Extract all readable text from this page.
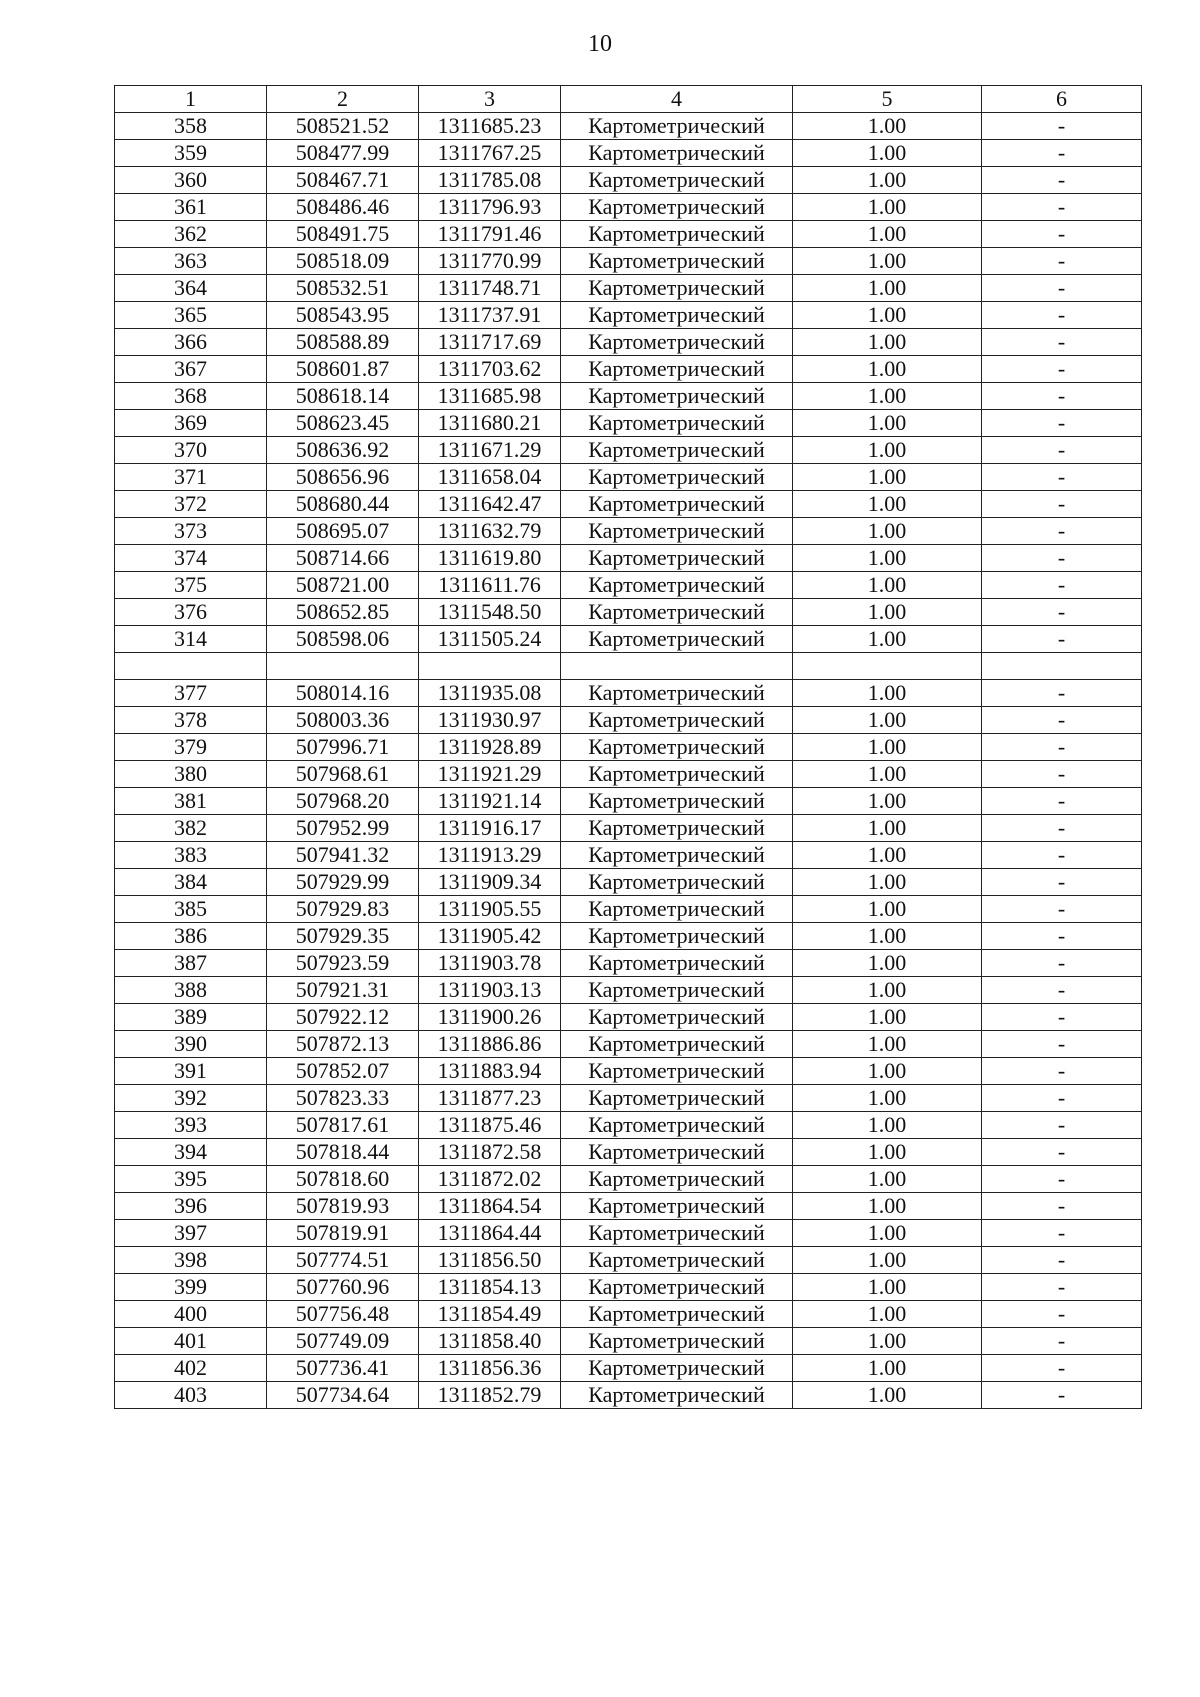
10
1	2	3	4	5	6
358	508521.52	1311685.23	Картометрический	1.00	-
359	508477.99	1311767.25	Картометрический	1.00	-
360	508467.71	1311785.08	Картометрический	1.00	-
361	508486.46	1311796.93	Картометрический	1.00	-
362	508491.75	1311791.46	Картометрический	1.00	-
363	508518.09	1311770.99	Картометрический	1.00	-
364	508532.51	1311748.71	Картометрический	1.00	-
365	508543.95	1311737.91	Картометрический	1.00	-
366	508588.89	1311717.69	Картометрический	1.00	-
367	508601.87	1311703.62	Картометрический	1.00	-
368	508618.14	1311685.98	Картометрический	1.00	-
369	508623.45	1311680.21	Картометрический	1.00	-
370	508636.92	1311671.29	Картометрический	1.00	-
371	508656.96	1311658.04	Картометрический	1.00	-
372	508680.44	1311642.47	Картометрический	1.00	-
373	508695.07	1311632.79	Картометрический	1.00	-
374	508714.66	1311619.80	Картометрический	1.00	-
375	508721.00	1311611.76	Картометрический	1.00	-
376	508652.85	1311548.50	Картометрический	1.00	-
314	508598.06	1311505.24	Картометрический	1.00	-

377	508014.16	1311935.08	Картометрический	1.00	-
378	508003.36	1311930.97	Картометрический	1.00	-
379	507996.71	1311928.89	Картометрический	1.00	-
380	507968.61	1311921.29	Картометрический	1.00	-
381	507968.20	1311921.14	Картометрический	1.00	-
382	507952.99	1311916.17	Картометрический	1.00	-
383	507941.32	1311913.29	Картометрический	1.00	-
384	507929.99	1311909.34	Картометрический	1.00	-
385	507929.83	1311905.55	Картометрический	1.00	-
386	507929.35	1311905.42	Картометрический	1.00	-
387	507923.59	1311903.78	Картометрический	1.00	-
388	507921.31	1311903.13	Картометрический	1.00	-
389	507922.12	1311900.26	Картометрический	1.00	-
390	507872.13	1311886.86	Картометрический	1.00	-
391	507852.07	1311883.94	Картометрический	1.00	-
392	507823.33	1311877.23	Картометрический	1.00	-
393	507817.61	1311875.46	Картометрический	1.00	-
394	507818.44	1311872.58	Картометрический	1.00	-
395	507818.60	1311872.02	Картометрический	1.00	-
396	507819.93	1311864.54	Картометрический	1.00	-
397	507819.91	1311864.44	Картометрический	1.00	-
398	507774.51	1311856.50	Картометрический	1.00	-
399	507760.96	1311854.13	Картометрический	1.00	-
400	507756.48	1311854.49	Картометрический	1.00	-
401	507749.09	1311858.40	Картометрический	1.00	-
402	507736.41	1311856.36	Картометрический	1.00	-
403	507734.64	1311852.79	Картометрический	1.00	-
